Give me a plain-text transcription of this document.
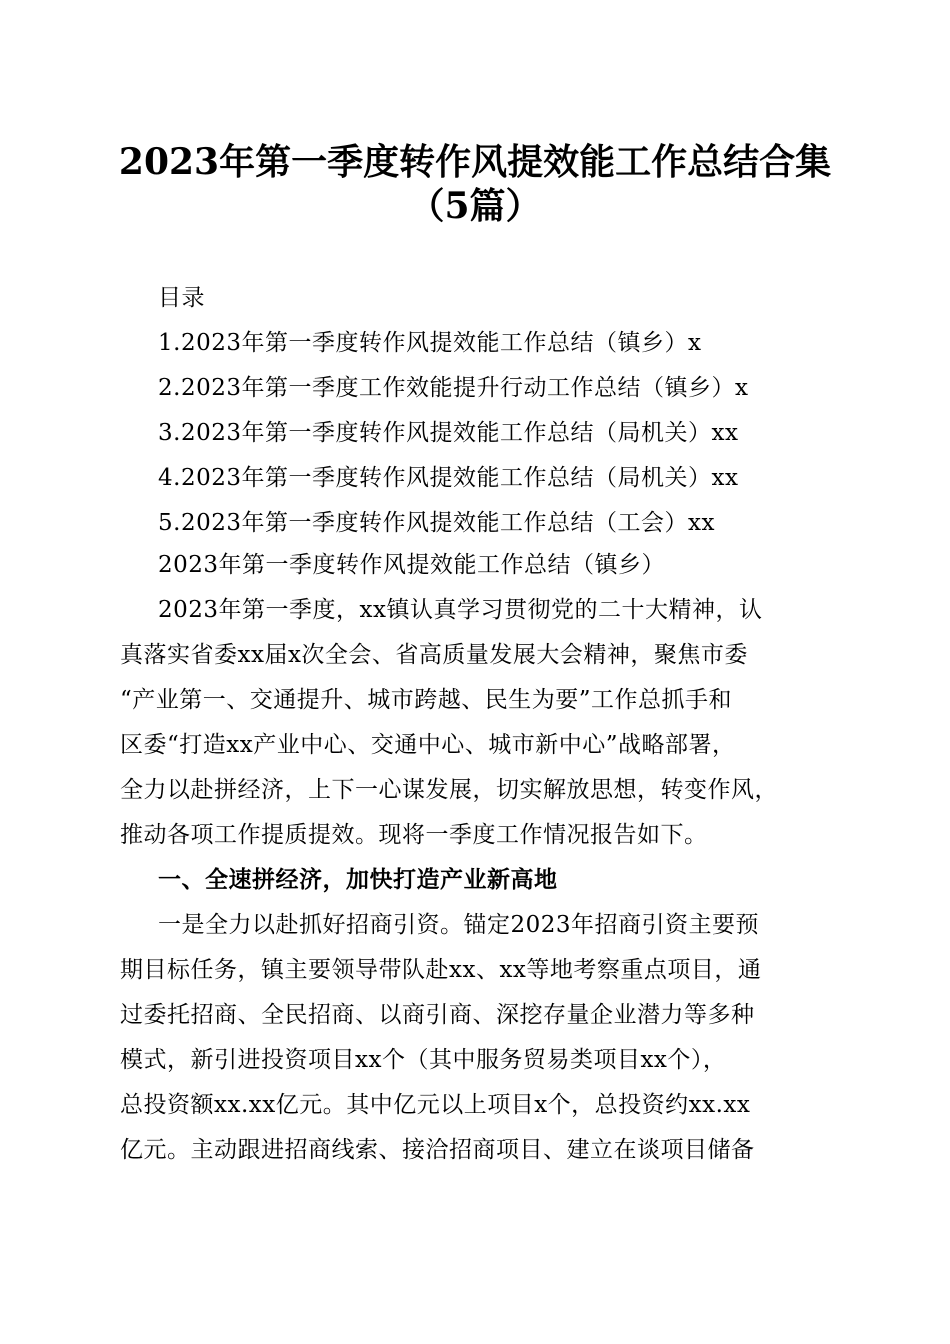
2023年第一季度转作风提效能工作总结合集
（5篇）
目录
1.2023年第一季度转作风提效能工作总结（镇乡）x
2.2023年第一季度工作效能提升行动工作总结（镇乡）x
3.2023年第一季度转作风提效能工作总结（局机关）xx
4.2023年第一季度转作风提效能工作总结（局机关）xx
5.2023年第一季度转作风提效能工作总结（工会）xx
2023年第一季度转作风提效能工作总结（镇乡）
2023年第一季度，xx镇认真学习贯彻党的二十大精神，认
真落实省委xx届x次全会、省高质量发展大会精神，聚焦市委
“产业第一、交通提升、城市跨越、民生为要”工作总抓手和
区委“打造xx产业中心、交通中心、城市新中心”战略部署，
全力以赴拼经济，上下一心谋发展，切实解放思想，转变作风，
推动各项工作提质提效。现将一季度工作情况报告如下。
一、全速拼经济，加快打造产业新高地
一是全力以赴抓好招商引资。锚定2023年招商引资主要预
期目标任务，镇主要领导带队赴xx、xx等地考察重点项目，通
过委托招商、全民招商、以商引商、深挖存量企业潜力等多种
模式，新引进投资项目xx个（其中服务贸易类项目xx个），
总投资额xx.xx亿元。其中亿元以上项目x个，总投资约xx.xx
亿元。主动跟进招商线索、接洽招商项目、建立在谈项目储备
